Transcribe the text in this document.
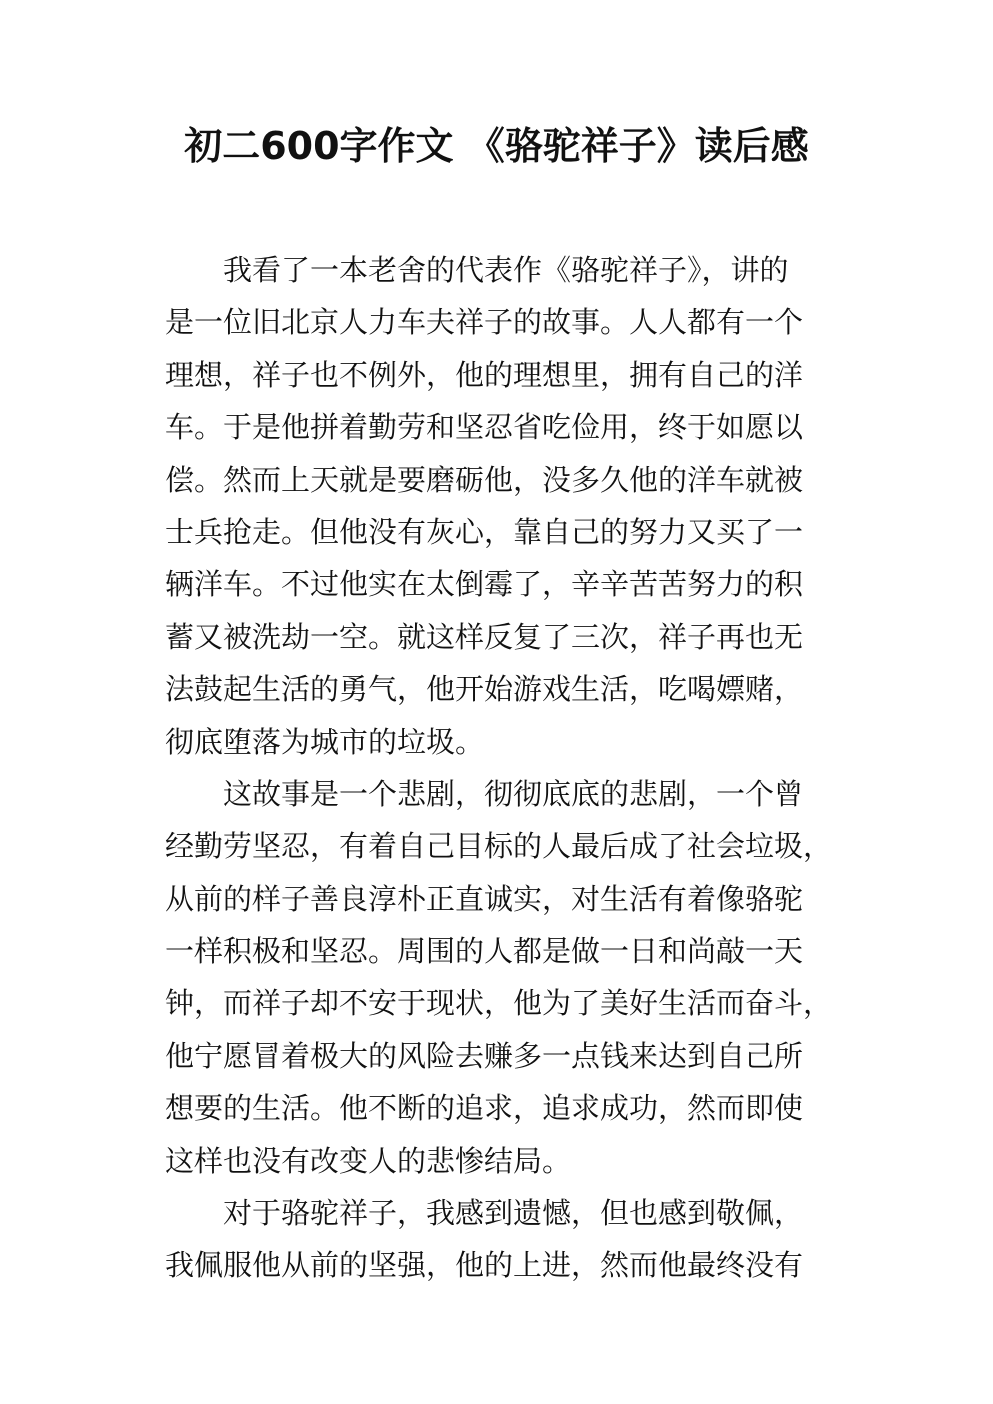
初二600字作文 《骆驼祥子》读后感
我看了一本老舍的代表作《骆驼祥子》，讲的
是一位旧北京人力车夫祥子的故事。人人都有一个
理想，祥子也不例外，他的理想里，拥有自己的洋
车。于是他拼着勤劳和坚忍省吃俭用，终于如愿以
偿。然而上天就是要磨砺他，没多久他的洋车就被
士兵抢走。但他没有灰心，靠自己的努力又买了一
辆洋车。不过他实在太倒霉了，辛辛苦苦努力的积
蓄又被洗劫一空。就这样反复了三次，祥子再也无
法鼓起生活的勇气，他开始游戏生活，吃喝嫖赌，
彻底堕落为城市的垃圾。
这故事是一个悲剧，彻彻底底的悲剧，一个曾
经勤劳坚忍，有着自己目标的人最后成了社会垃圾，
从前的样子善良淳朴正直诚实，对生活有着像骆驼
一样积极和坚忍。周围的人都是做一日和尚敲一天
钟，而祥子却不安于现状，他为了美好生活而奋斗，
他宁愿冒着极大的风险去赚多一点钱来达到自己所
想要的生活。他不断的追求，追求成功，然而即使
这样也没有改变人的悲惨结局。
对于骆驼祥子，我感到遗憾，但也感到敬佩，
我佩服他从前的坚强，他的上进，然而他最终没有
